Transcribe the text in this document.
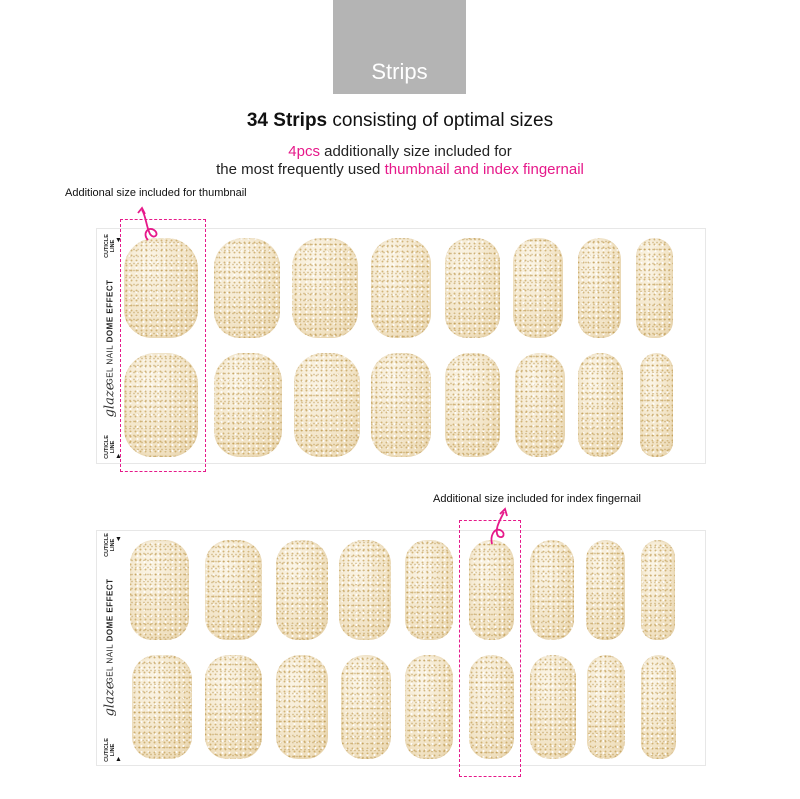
Strips
34 Strips consisting of optimal sizes
4pcs additionally size included for
the most frequently used thumbnail and index fingernail
Additional size included for thumbnail
Additional size included for index fingernail
CUTICLE LINE ▼
GEL NAIL DOME EFFECT
glaze
CUTICLE LINE
▲
CUTICLE LINE ▼
GEL NAIL DOME EFFECT
glaze
CUTICLE LINE
▲
